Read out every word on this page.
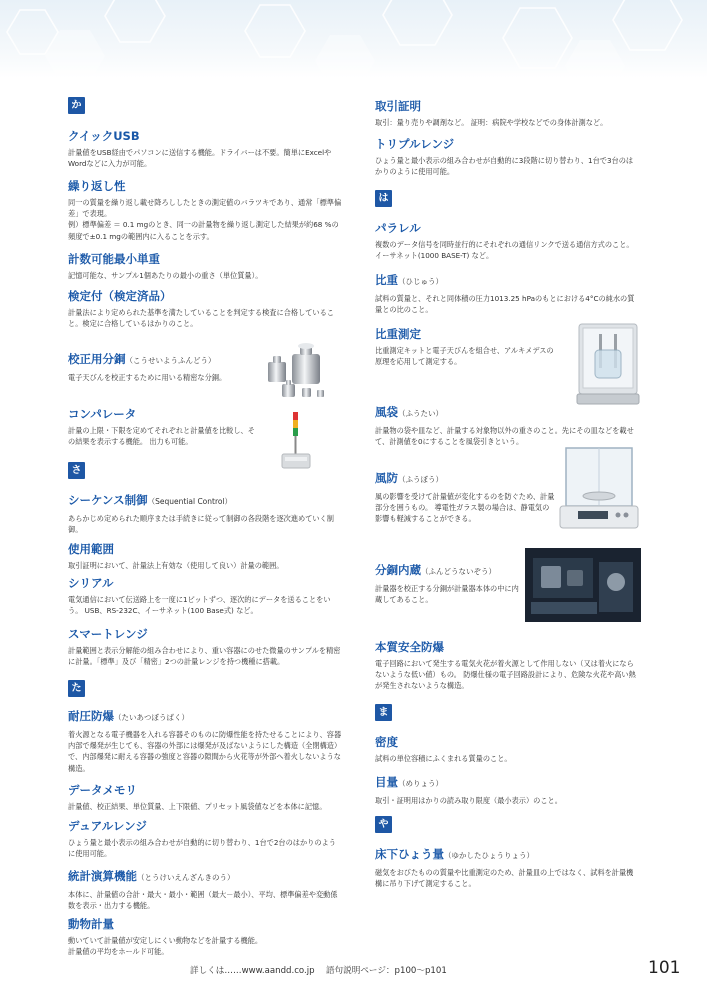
か
クイックUSB

計量値をUSB経由でパソコンに送信する機能。ドライバーは不要。簡単にExcelやWordなどに入力が可能。

繰り返し性

同一の質量を繰り返し載せ降ろししたときの測定値のバラツキであり、通常「標準偏差」で表現。
例）標準偏差 ＝ 0.1 mgのとき、同一の計量物を繰り返し測定した結果が約68 %の頻度で±0.1 mgの範囲内に入ることを示す。

計数可能最小単重

記憶可能な、サンプル1個あたりの最小の重さ（単位質量）。

検定付（検定済品）

計量法により定められた基準を満たしていることを判定する検査に合格していること。検定に合格しているはかりのこと。

校正用分銅（こうせいようふんどう）

電子天びんを校正するために用いる精密な分銅。

コンパレータ

計量の上限・下限を定めてそれぞれと計量値を比較し、その結果を表示する機能。 出力も可能。

さ
シーケンス制御（Sequential Control）

あらかじめ定められた順序または手続きに従って制御の各段階を逐次進めていく制御。

使用範囲

取引証明において、計量法上有効な（使用して良い）計量の範囲。

シリアル

電気通信において伝送路上を一度に1ビットずつ、逐次的にデータを送ることをいう。 USB、RS-232C、イーサネット(100 Base式) など。

スマートレンジ

計量範囲と表示分解能の組み合わせにより、重い容器にのせた微量のサンプルを精密に計量。「標準」及び「精密」2つの計量レンジを持つ機種に搭載。

た
耐圧防爆（たいあつぼうばく）

着火源となる電子機器を入れる容器そのものに防爆性能を持たせることにより、容器内部で爆発が生じても、容器の外部には爆発が及ばないようにした構造（全閉構造）で、内部爆発に耐える容器の強度と容器の隙間から火花等が外部へ着火しないような構造。

データメモリ

計量値、校正結果、単位質量、上下限値、プリセット風袋値などを本体に記憶。

デュアルレンジ

ひょう量と最小表示の組み合わせが自動的に切り替わり、1台で2台のはかりのように使用可能。

統計演算機能（とうけいえんざんきのう）

本体に、計量値の合計・最大・最小・範囲（最大－最小）、平均、標準偏差や変動係数を表示・出力する機能。

動物計量

動いていて計量値が安定しにくい動物などを計量する機能。
計量値の平均をホールド可能。

取引証明

取引：量り売りや調剤など。 証明：病院や学校などでの身体計測など。

トリプルレンジ

ひょう量と最小表示の組み合わせが自動的に3段階に切り替わり、1台で3台のはかりのように使用可能。

は
パラレル

複数のデータ信号を同時並行的にそれぞれの通信リンクで送る通信方式のこと。 イーサネット(1000 BASE-T) など。

比重（ひじゅう）

試料の質量と、それと同体積の圧力1013.25 hPaのもとにおける4°Cの純水の質量との比のこと。

比重測定

比重測定キットと電子天びんを組合せ、アルキメデスの原理を応用して測定する。

風袋（ふうたい）

計量物の袋や皿など、計量する対象物以外の重さのこと。先にその皿などを載せて、計測値を0にすることを風袋引きという。

風防（ふうぼう）

風の影響を受けて計量値が変化するのを防ぐため、計量部分を囲うもの。 導電性ガラス製の場合は、静電気の影響も軽減することができる。

分銅内蔵（ふんどうないぞう）

計量器を校正する分銅が計量器本体の中に内蔵してあること。

本質安全防爆

電子回路において発生する電気火花が着火源として作用しない（又は着火にならないような低い値）もの。 防爆仕様の電子回路設計により、危険な火花や高い熱が発生されないような構造。

ま
密度

試料の単位容積にふくまれる質量のこと。

目量（めりょう）

取引・証明用はかりの読み取り限度（最小表示）のこと。

や
床下ひょう量（ゆかしたひょうりょう）

磁気をおびたものの質量や比重測定のため、計量皿の上ではなく、試料を計量機構に吊り下げて測定すること。

詳しくは……www.aandd.co.jp　 語句説明ページ：p100～p101	101
